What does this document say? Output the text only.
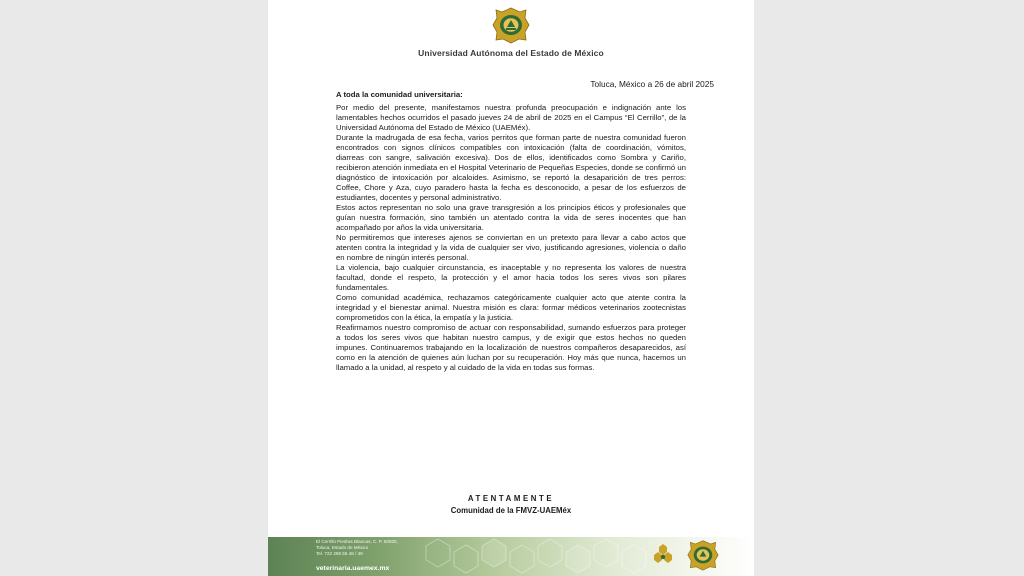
Universidad Autónoma del Estado de México
Toluca, México a 26 de abril 2025

A toda la comunidad universitaria:

Por medio del presente, manifestamos nuestra profunda preocupación e indignación ante los lamentables hechos ocurridos el pasado jueves 24 de abril de 2025 en el Campus “El Cerrillo”, de la Universidad Autónoma del Estado de México (UAEMéx).

Durante la madrugada de esa fecha, varios perritos que forman parte de nuestra comunidad fueron encontrados con signos clínicos compatibles con intoxicación (falta de coordinación, vómitos, diarreas con sangre, salivación excesiva). Dos de ellos, identificados como Sombra y Cariño, recibieron atención inmediata en el Hospital Veterinario de Pequeñas Especies, donde se confirmó un diagnóstico de intoxicación por alcaloides. Asimismo, se reportó la desaparición de tres perros: Coffee, Chore y Aza, cuyo paradero hasta la fecha es desconocido, a pesar de los esfuerzos de estudiantes, docentes y personal administrativo.

Estos actos representan no solo una grave transgresión a los principios éticos y profesionales que guían nuestra formación, sino también un atentado contra la vida de seres inocentes que han acompañado por años la vida universitaria.

No permitiremos que intereses ajenos se conviertan en un pretexto para llevar a cabo actos que atenten contra la integridad y la vida de cualquier ser vivo, justificando agresiones, violencia o daño en nombre de ningún interés personal.

La violencia, bajo cualquier circunstancia, es inaceptable y no representa los valores de nuestra facultad, donde el respeto, la protección y el amor hacia todos los seres vivos son pilares fundamentales.

Como comunidad académica, rechazamos categóricamente cualquier acto que atente contra la integridad y el bienestar animal. Nuestra misión es clara: formar médicos veterinarios zootecnistas comprometidos con la ética, la empatía y la justicia.

Reafirmamos nuestro compromiso de actuar con responsabilidad, sumando esfuerzos para proteger a todos los seres vivos que habitan nuestro campus, y de exigir que estos hechos no queden impunes. Continuaremos trabajando en la localización de nuestros compañeros desaparecidos, así como en la atención de quienes aún luchan por su recuperación. Hoy más que nunca, hacemos un llamado a la unidad, al respeto y al cuidado de la vida en todas sus formas.

ATENTAMENTE
Comunidad de la FMVZ-UAEMéx
El Cerrillo Piedras Blancas, C. P. 50000,
Toluca, Estado de México
Tel. 722 296 55 48 / 49
veterinaria.uaemex.mx
